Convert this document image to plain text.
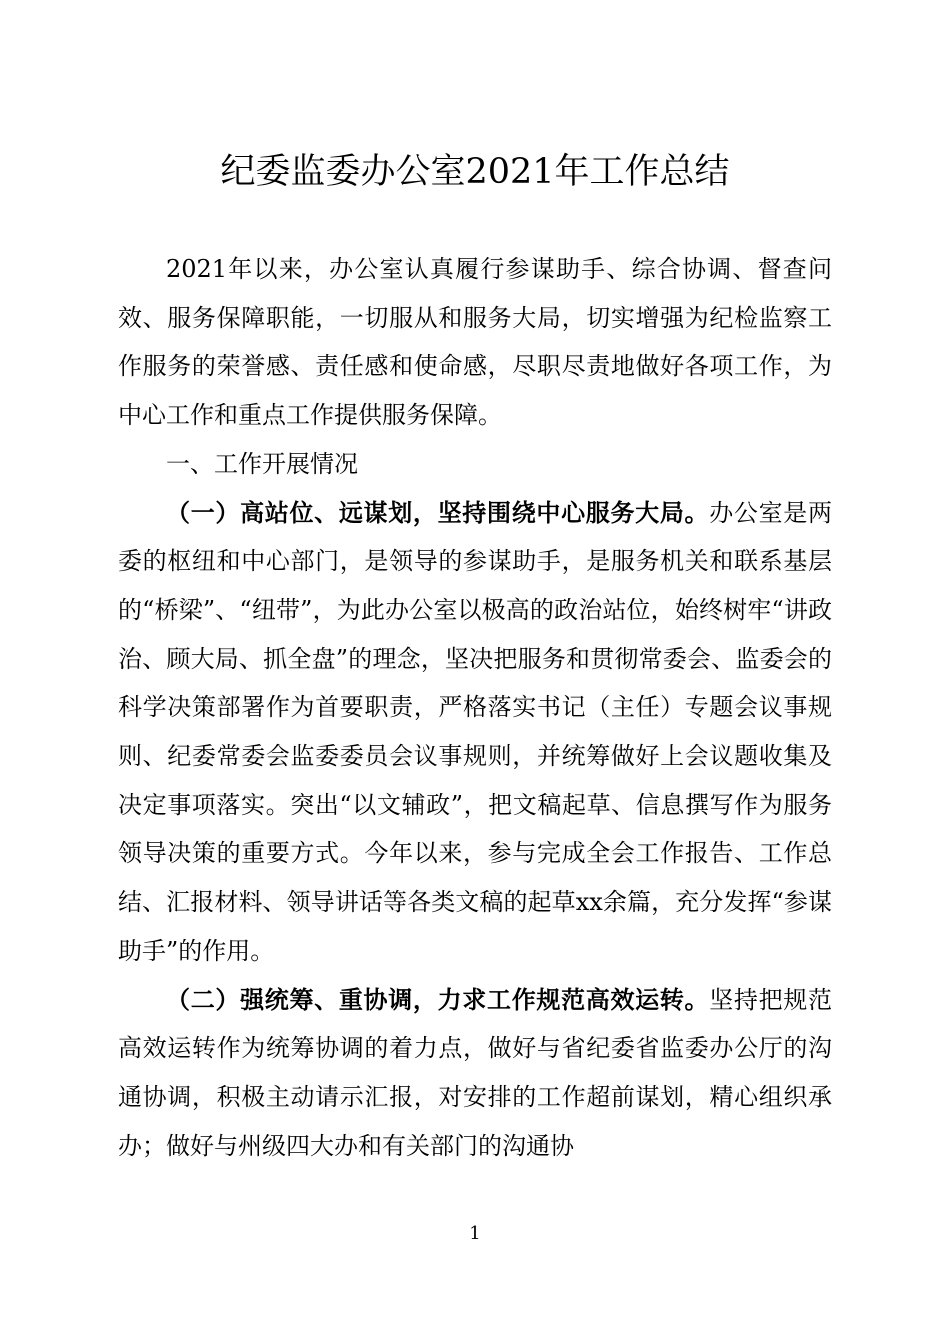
纪委监委办公室2021年工作总结

2021年以来，办公室认真履行参谋助手、综合协调、督查问效、服务保障职能，一切服从和服务大局，切实增强为纪检监察工作服务的荣誉感、责任感和使命感，尽职尽责地做好各项工作，为中心工作和重点工作提供服务保障。

一、工作开展情况

（一）高站位、远谋划，坚持围绕中心服务大局。办公室是两委的枢纽和中心部门，是领导的参谋助手，是服务机关和联系基层的“桥梁”、“纽带”，为此办公室以极高的政治站位，始终树牢“讲政治、顾大局、抓全盘”的理念，坚决把服务和贯彻常委会、监委会的科学决策部署作为首要职责，严格落实书记（主任）专题会议事规则、纪委常委会监委委员会议事规则，并统筹做好上会议题收集及决定事项落实。突出“以文辅政”，把文稿起草、信息撰写作为服务领导决策的重要方式。今年以来，参与完成全会工作报告、工作总结、汇报材料、领导讲话等各类文稿的起草xx余篇，充分发挥“参谋助手”的作用。

（二）强统筹、重协调，力求工作规范高效运转。坚持把规范高效运转作为统筹协调的着力点，做好与省纪委省监委办公厅的沟通协调，积极主动请示汇报，对安排的工作超前谋划，精心组织承办；做好与州级四大办和有关部门的沟通协

1
